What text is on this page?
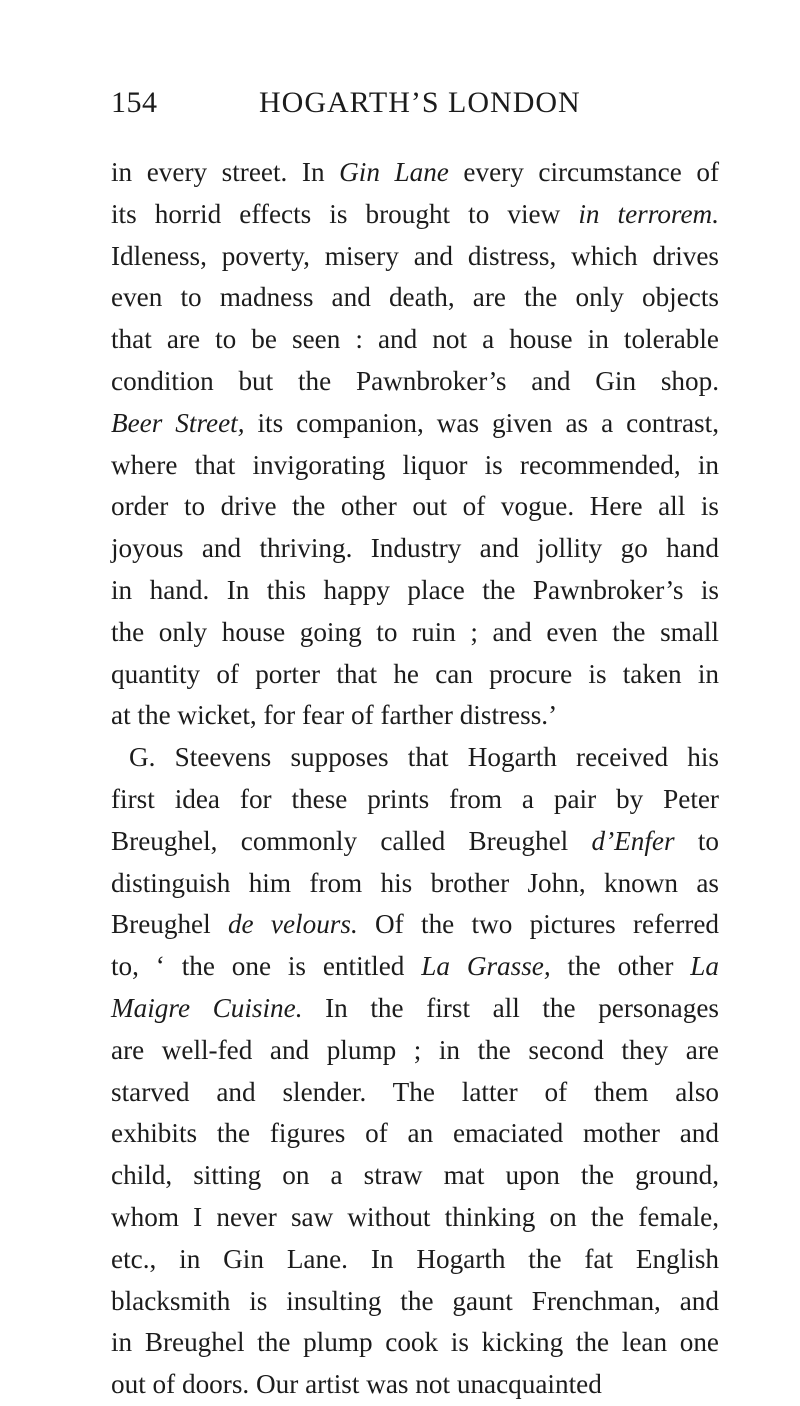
154	HOGARTH’S LONDON
in every street. In Gin Lane every circumstance of
its horrid effects is brought to view in terrorem.
Idleness, poverty, misery and distress, which drives
even to madness and death, are the only objects
that are to be seen : and not a house in tolerable
condition but the Pawnbroker’s and Gin shop.
Beer Street, its companion, was given as a contrast,
where that invigorating liquor is recommended, in
order to drive the other out of vogue. Here all is
joyous and thriving. Industry and jollity go hand
in hand. In this happy place the Pawnbroker’s is
the only house going to ruin ; and even the small
quantity of porter that he can procure is taken in
at the wicket, for fear of farther distress.’
G. Steevens supposes that Hogarth received his
first idea for these prints from a pair by Peter
Breughel, commonly called Breughel d’Enfer to
distinguish him from his brother John, known as
Breughel de velours. Of the two pictures referred
to, ‘ the one is entitled La Grasse, the other La
Maigre Cuisine. In the first all the personages
are well-fed and plump ; in the second they are
starved and slender. The latter of them also
exhibits the figures of an emaciated mother and
child, sitting on a straw mat upon the ground,
whom I never saw without thinking on the female,
etc., in Gin Lane. In Hogarth the fat English
blacksmith is insulting the gaunt Frenchman, and
in Breughel the plump cook is kicking the lean one
out of doors. Our artist was not unacquainted
